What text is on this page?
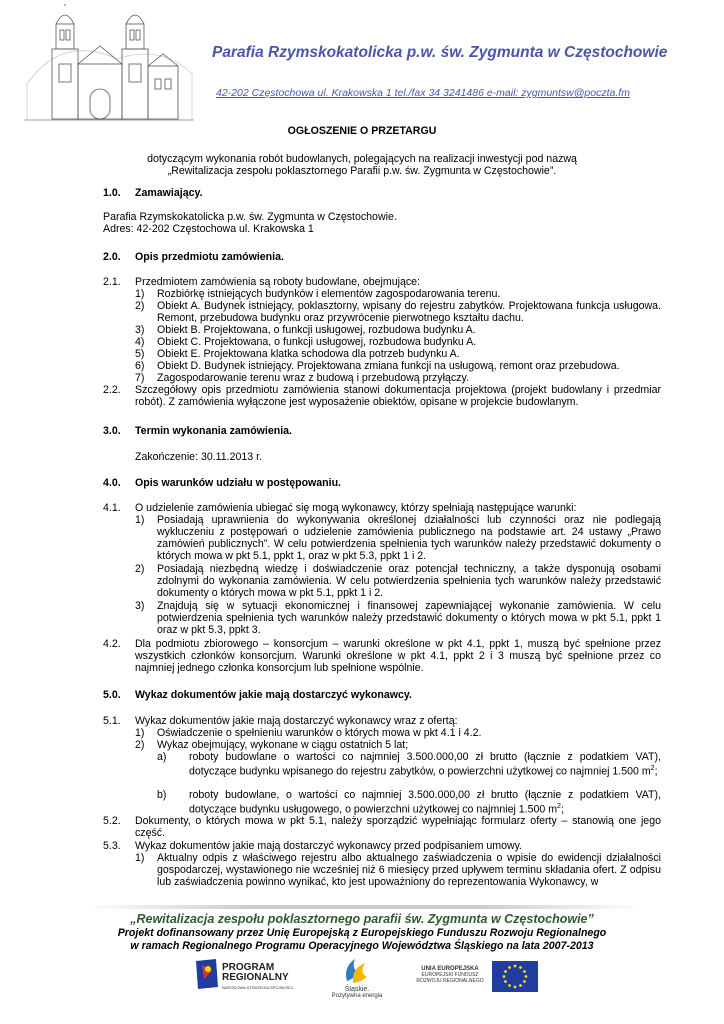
Parafia Rzymskokatolicka p.w. św. Zygmunta w Częstochowie
42-202 Częstochowa ul. Krakowska 1 tel./fax 34 3241486 e-mail: zygmuntsw@poczta.fm
OGŁOSZENIE O PRZETARGU
dotyczącym wykonania robót budowlanych, polegających na realizacji inwestycji pod nazwą
„Rewitalizacja zespołu poklasztornego Parafii p.w. św. Zygmunta w Częstochowie”.
1.0. Zamawiający.
Parafia Rzymskokatolicka p.w. św. Zygmunta w Częstochowie.
Adres: 42-202 Częstochowa ul. Krakowska 1
2.0. Opis przedmiotu zamówienia.
2.1. Przedmiotem zamówienia są roboty budowlane, obejmujące:
1) Rozbiórkę istniejących budynków i elementów zagospodarowania terenu.
2) Obiekt A. Budynek istniejący, poklasztorny, wpisany do rejestru zabytków. Projektowana funkcja usługowa. Remont, przebudowa budynku oraz przywrócenie pierwotnego kształtu dachu.
3) Obiekt B. Projektowana, o funkcji usługowej, rozbudowa budynku A.
4) Obiekt C. Projektowana, o funkcji usługowej, rozbudowa budynku A.
5) Obiekt E. Projektowana klatka schodowa dla potrzeb budynku A.
6) Obiekt D. Budynek istniejący. Projektowana zmiana funkcji na usługową, remont oraz przebudowa.
7) Zagospodarowanie terenu wraz z budową i przebudową przyłączy.
2.2. Szczegółowy opis przedmiotu zamówienia stanowi dokumentacja projektowa (projekt budowlany i przedmiar robót). Z zamówienia wyłączone jest wyposażenie obiektów, opisane w projekcie budowlanym.
3.0. Termin wykonania zamówienia.
Zakończenie: 30.11.2013 r.
4.0. Opis warunków udziału w postępowaniu.
4.1. O udzielenie zamówienia ubiegać się mogą wykonawcy, którzy spełniają następujące warunki:
1) Posiadają uprawnienia do wykonywania określonej działalności lub czynności oraz nie podlegają wykluczeniu z postępowań o udzielenie zamówienia publicznego na podstawie art. 24 ustawy „Prawo zamówień publicznych”. W celu potwierdzenia spełnienia tych warunków należy przedstawić dokumenty o których mowa w pkt 5.1, ppkt 1, oraz w pkt 5.3, ppkt 1 i 2.
2) Posiadają niezbędną wiedzę i doświadczenie oraz potencjał techniczny, a także dysponują osobami zdolnymi do wykonania zamówienia. W celu potwierdzenia spełnienia tych warunków należy przedstawić dokumenty o których mowa w pkt 5.1, ppkt 1 i 2.
3) Znajdują się w sytuacji ekonomicznej i finansowej zapewniającej wykonanie zamówienia. W celu potwierdzenia spełnienia tych warunków należy przedstawić dokumenty o których mowa w pkt 5.1, ppkt 1 oraz w pkt 5.3, ppkt 3.
4.2. Dla podmiotu zbiorowego – konsorcjum – warunki określone w pkt 4.1, ppkt 1, muszą być spełnione przez wszystkich członków konsorcjum. Warunki określone w pkt 4.1, ppkt 2 i 3 muszą być spełnione przez co najmniej jednego członka konsorcjum lub spełnione wspólnie.
5.0. Wykaz dokumentów jakie mają dostarczyć wykonawcy.
5.1. Wykaz dokumentów jakie mają dostarczyć wykonawcy wraz z ofertą:
1) Oświadczenie o spełnieniu warunków o których mowa w pkt 4.1 i 4.2.
2) Wykaz obejmujący, wykonane w ciągu ostatnich 5 lat;
a) roboty budowlane o wartości co najmniej 3.500.000,00 zł brutto (łącznie z podatkiem VAT), dotyczące budynku wpisanego do rejestru zabytków, o powierzchni użytkowej co najmniej 1.500 $m^2$;
b) roboty budowlane, o wartości co najmniej 3.500.000,00 zł brutto (łącznie z podatkiem VAT), dotyczące budynku usługowego, o powierzchni użytkowej co najmniej 1.500 $m^2$;
5.2. Dokumenty, o których mowa w pkt 5.1, należy sporządzić wypełniając formularz oferty – stanowią one jego część.
5.3. Wykaz dokumentów jakie mają dostarczyć wykonawcy przed podpisaniem umowy.
1) Aktualny odpis z właściwego rejestru albo aktualnego zaświadczenia o wpisie do ewidencji działalności gospodarczej, wystawionego nie wcześniej niż 6 miesięcy przed upływem terminu składania ofert. Z odpisu lub zaświadczenia powinno wynikać, kto jest upoważniony do reprezentowania Wykonawcy, w
„Rewitalizacja zespołu poklasztornego parafii św. Zygmunta w Częstochowie”
Projekt dofinansowany przez Unię Europejską z Europejskiego Funduszu Rozwoju Regionalnego
w ramach Regionalnego Programu Operacyjnego Województwa Śląskiego na lata 2007-2013
PROGRAM
REGIONALNY
NARODOWA STRATEGIA SPÓJNOŚCI	Śląskie.
Pozytywna energia
UNIA EUROPEJSKA
EUROPEJSKI FUNDUSZ
ROZWOJU REGIONALNEGO
